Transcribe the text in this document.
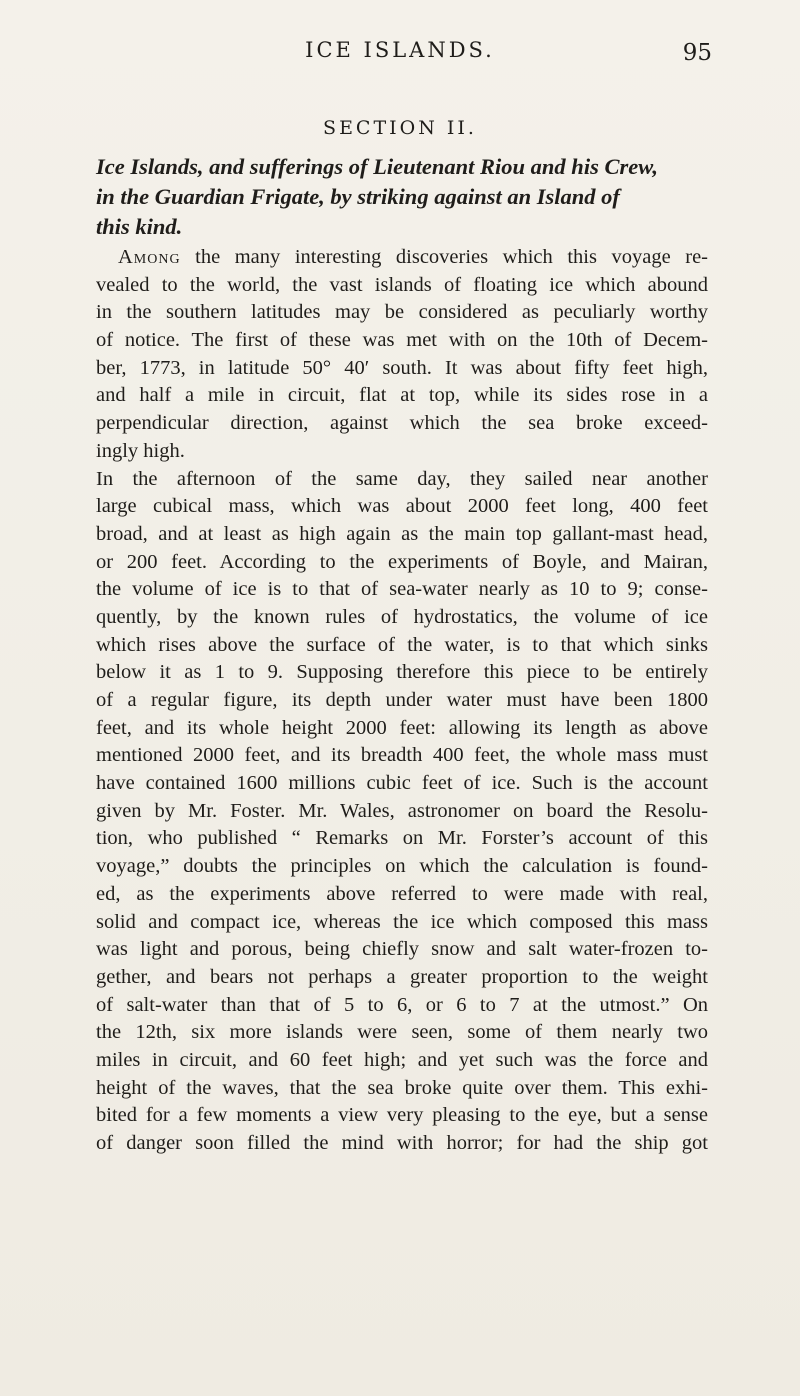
ICE ISLANDS.	95
SECTION II.
Ice Islands, and sufferings of Lieutenant Riou and his Crew,
in the Guardian Frigate, by striking against an Island of
this kind.
Among the many interesting discoveries which this voyage re-
vealed to the world, the vast islands of floating ice which abound
in the southern latitudes may be considered as peculiarly worthy
of notice. The first of these was met with on the 10th of Decem-
ber, 1773, in latitude 50° 40′ south. It was about fifty feet high,
and half a mile in circuit, flat at top, while its sides rose in a
perpendicular direction, against which the sea broke exceed-
ingly high.
In the afternoon of the same day, they sailed near another
large cubical mass, which was about 2000 feet long, 400 feet
broad, and at least as high again as the main top gallant-mast head,
or 200 feet. According to the experiments of Boyle, and Mairan,
the volume of ice is to that of sea-water nearly as 10 to 9; conse-
quently, by the known rules of hydrostatics, the volume of ice
which rises above the surface of the water, is to that which sinks
below it as 1 to 9. Supposing therefore this piece to be entirely
of a regular figure, its depth under water must have been 1800
feet, and its whole height 2000 feet: allowing its length as above
mentioned 2000 feet, and its breadth 400 feet, the whole mass must
have contained 1600 millions cubic feet of ice. Such is the account
given by Mr. Foster. Mr. Wales, astronomer on board the Resolu-
tion, who published “ Remarks on Mr. Forster’s account of this
voyage,” doubts the principles on which the calculation is found-
ed, as the experiments above referred to were made with real,
solid and compact ice, whereas the ice which composed this mass
was light and porous, being chiefly snow and salt water-frozen to-
gether, and bears not perhaps a greater proportion to the weight
of salt-water than that of 5 to 6, or 6 to 7 at the utmost.” On
the 12th, six more islands were seen, some of them nearly two
miles in circuit, and 60 feet high; and yet such was the force and
height of the waves, that the sea broke quite over them. This exhi-
bited for a few moments a view very pleasing to the eye, but a sense
of danger soon filled the mind with horror; for had the ship got
